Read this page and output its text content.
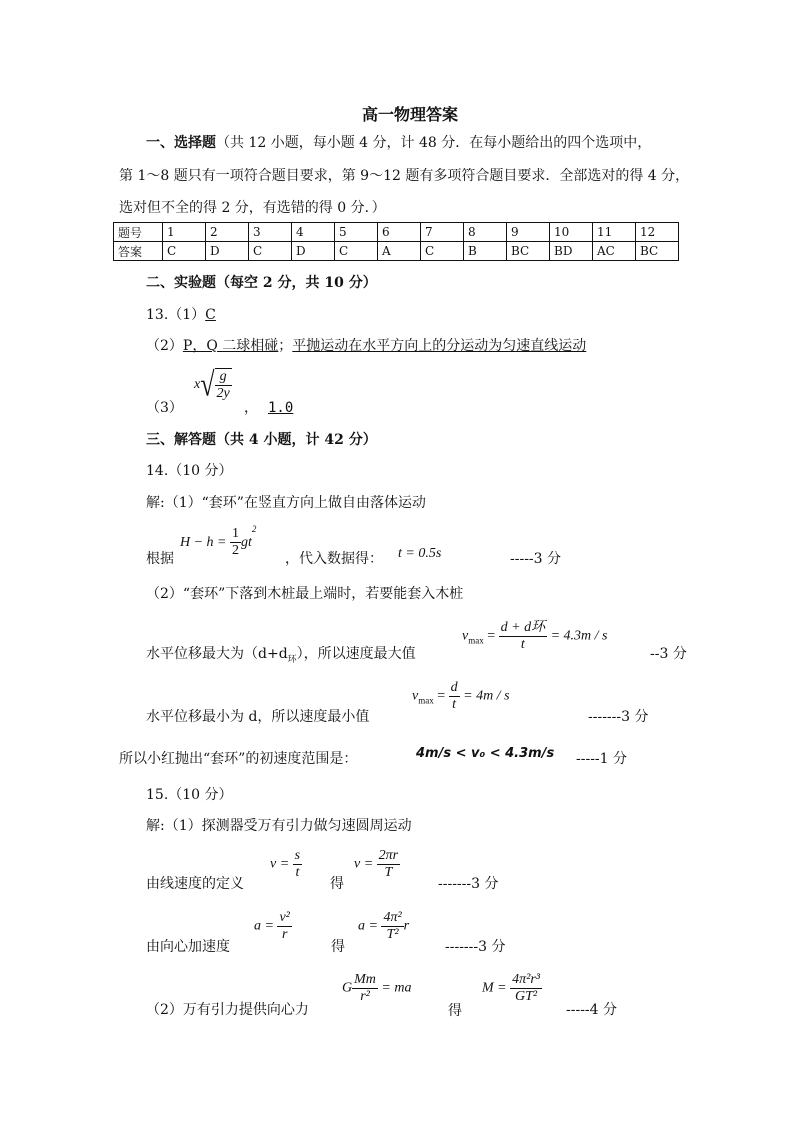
高一物理答案
一、选择题（共 12 小题，每小题 4 分，计 48 分．在每小题给出的四个选项中，
第 1～8 题只有一项符合题目要求，第 9～12 题有多项符合题目要求．全部选对的得 4 分，
选对但不全的得 2 分，有选错的得 0 分．）
题号	1	2	3	4	5	6	7	8	9	10	11	12
答案	C	D	C	D	C	A	C	B	BC	BD	AC	BC
二、实验题（每空 2 分，共 10 分）
13.（1）C
（2）P，Q 二球相碰；平抛运动在水平方向上的分运动为匀速直线运动
（3）
$x√ \frac{g}{2y}$
， 1.0
三、解答题（共 4 小题，计 42 分）
14.（10 分）
解:（1）“套环”在竖直方向上做自由落体运动
根据
$H - h = \frac{1}{2} gt^2$
，代入数据得： t = 0.5s	-----3 分
（2）“套环”下落到木桩最上端时，若要能套入木桩
水平位移最大为$(d+d_环)$，所以速度最大值
$v_{max} = \frac{\text{d + d环}}{t} = 4.3m / s$
--3 分
水平位移最小为 d，所以速度最小值
$v_{max} = \frac{d}{t} = 4m / s$
-------3 分
所以小红抛出“套环”的初速度范围是：	4m/s < v₀ < 4.3m/s -----1 分
15.（10 分）
解:（1）探测器受万有引力做匀速圆周运动
由线速度的定义
$v = \frac{s}{t}$
得
$v = \frac{2\pi r}{T}$
-------3 分
由向心加速度
$a = \frac{\text{v²}}{r}$
得
$a = \frac{\text{4π²}}{\text{T²}}$ r
-------3 分
（2）万有引力提供向心力
G $\frac{Mm}{\text{r²}}$ = ma
得
$M = \frac{\text{4π²r³}}{\text{GT²}}$
-----4 分
